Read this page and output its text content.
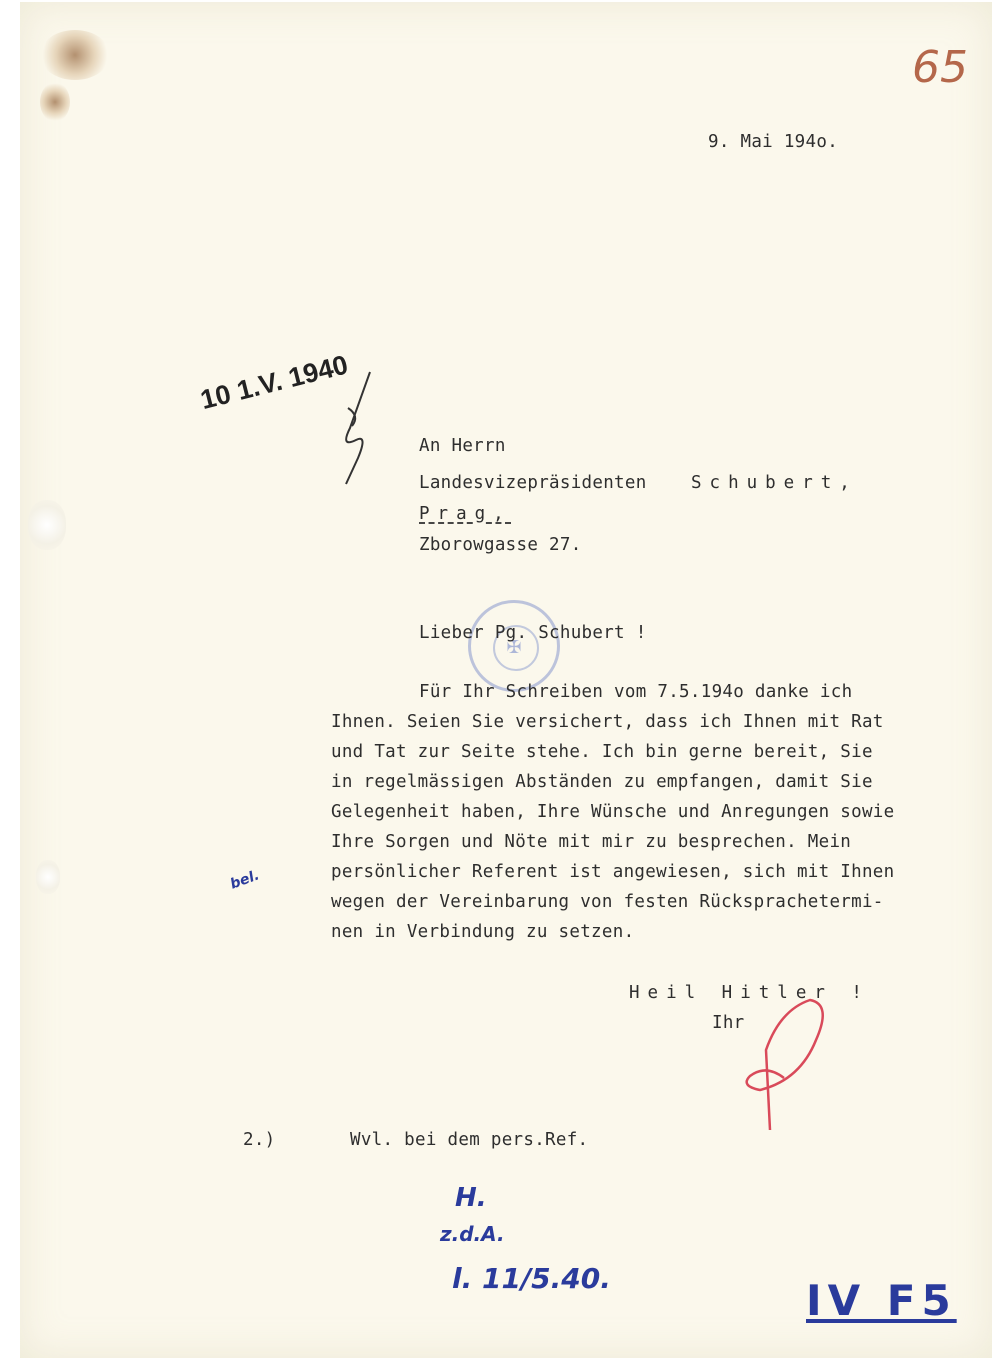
65
9. Mai 194o.
10 1.V. 1940
An Herrn
Landesvizepräsidenten	Schubert,
Prag,
Zborowgasse 27.
✠
Lieber Pg. Schubert !
Für Ihr Schreiben vom 7.5.194o danke ich
Ihnen. Seien Sie versichert, dass ich Ihnen mit Rat
und Tat zur Seite stehe. Ich bin gerne bereit, Sie
in regelmässigen Abständen zu empfangen, damit Sie
Gelegenheit haben, Ihre Wünsche und Anregungen sowie
Ihre Sorgen und Nöte mit mir zu besprechen. Mein
persönlicher Referent ist angewiesen, sich mit Ihnen
wegen der Vereinbarung von festen Rücksprachetermi-
nen in Verbindung zu setzen.
bel.
Heil Hitler !
Ihr
2.)	Wvl. bei dem pers.Ref.
H.
z.d.A.
l. 11/5.40.	IV F5
